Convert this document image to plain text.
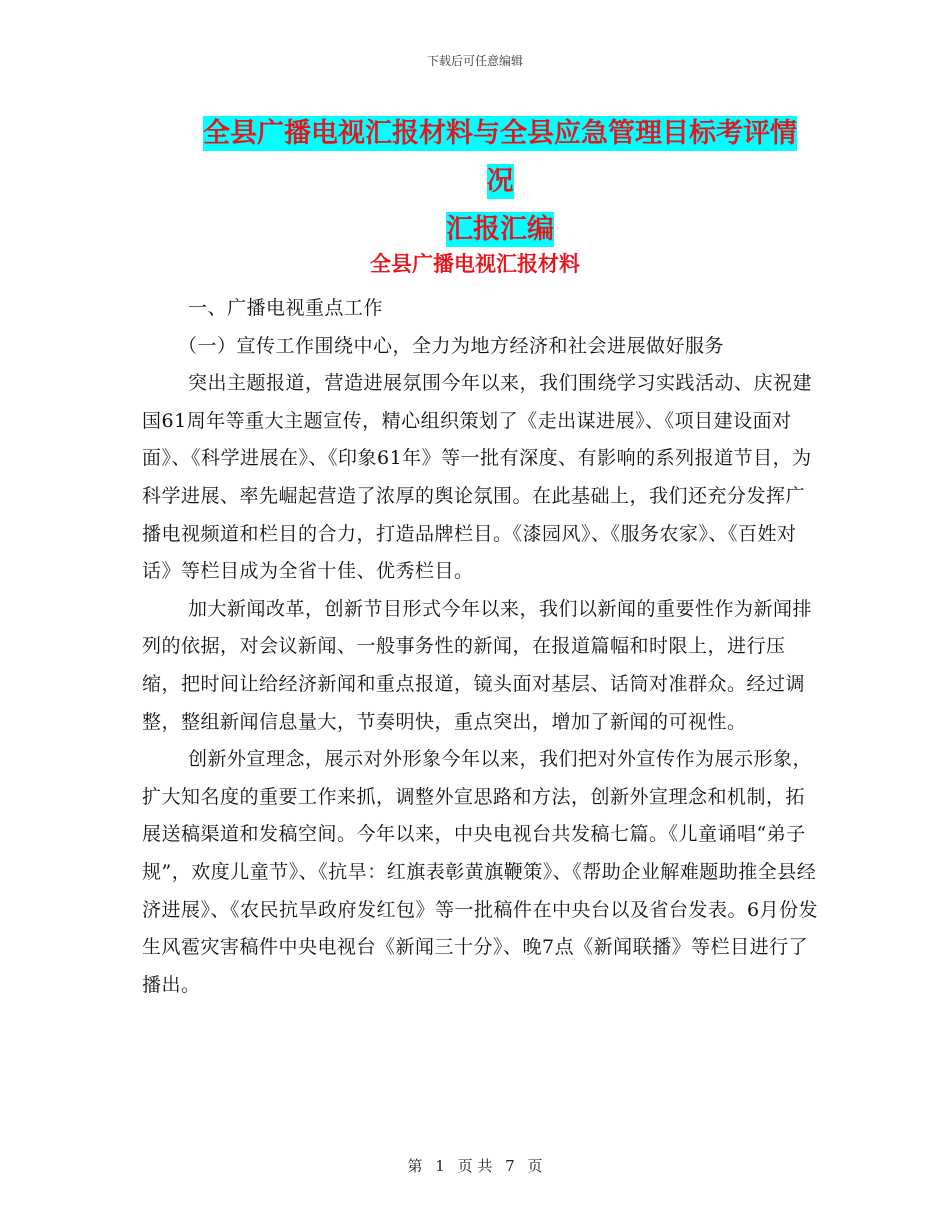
下载后可任意编辑
全县广播电视汇报材料与全县应急管理目标考评情况
汇报汇编
全县广播电视汇报材料

一、广播电视重点工作

（一）宣传工作围绕中心，全力为地方经济和社会进展做好服务

突出主题报道，营造进展氛围今年以来，我们围绕学习实践活动、庆祝建国61周年等重大主题宣传，精心组织策划了《走出谋进展》、《项目建设面对面》、《科学进展在》、《印象61年》等一批有深度、有影响的系列报道节目，为科学进展、率先崛起营造了浓厚的舆论氛围。在此基础上，我们还充分发挥广播电视频道和栏目的合力，打造品牌栏目。《漆园风》、《服务农家》、《百姓对话》等栏目成为全省十佳、优秀栏目。

加大新闻改革，创新节目形式今年以来，我们以新闻的重要性作为新闻排列的依据，对会议新闻、一般事务性的新闻，在报道篇幅和时限上，进行压缩，把时间让给经济新闻和重点报道，镜头面对基层、话筒对准群众。经过调整，整组新闻信息量大，节奏明快，重点突出，增加了新闻的可视性。

创新外宣理念，展示对外形象今年以来，我们把对外宣传作为展示形象，扩大知名度的重要工作来抓，调整外宣思路和方法，创新外宣理念和机制，拓展送稿渠道和发稿空间。今年以来，中央电视台共发稿七篇。《儿童诵唱“弟子规”，欢度儿童节》、《抗旱：红旗表彰黄旗鞭策》、《帮助企业解难题助推全县经济进展》、《农民抗旱政府发红包》等一批稿件在中央台以及省台发表。6月份发生风雹灾害稿件中央电视台《新闻三十分》、晚7点《新闻联播》等栏目进行了播出。

第 1 页 共 7 页
